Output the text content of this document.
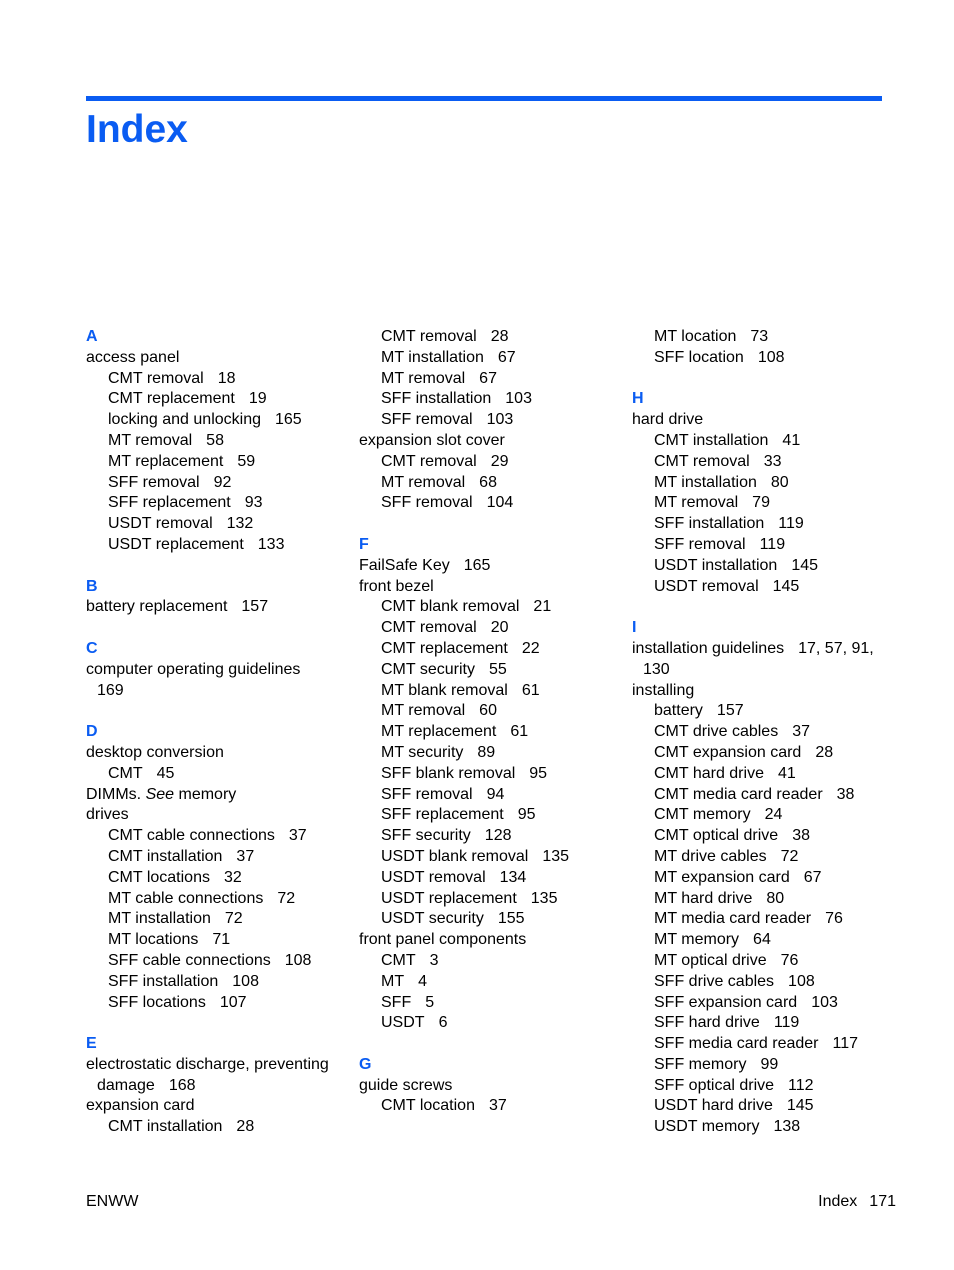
Index
A
access panel
CMT removal 18
CMT replacement 19
locking and unlocking 165
MT removal 58
MT replacement 59
SFF removal 92
SFF replacement 93
USDT removal 132
USDT replacement 133
B
battery replacement 157
C
computer operating guidelines
169
D
desktop conversion
CMT 45
DIMMs. See memory
drives
CMT cable connections 37
CMT installation 37
CMT locations 32
MT cable connections 72
MT installation 72
MT locations 71
SFF cable connections 108
SFF installation 108
SFF locations 107
E
electrostatic discharge, preventing
damage 168
expansion card
CMT installation 28
CMT removal 28
MT installation 67
MT removal 67
SFF installation 103
SFF removal 103
expansion slot cover
CMT removal 29
MT removal 68
SFF removal 104
F
FailSafe Key 165
front bezel
CMT blank removal 21
CMT removal 20
CMT replacement 22
CMT security 55
MT blank removal 61
MT removal 60
MT replacement 61
MT security 89
SFF blank removal 95
SFF removal 94
SFF replacement 95
SFF security 128
USDT blank removal 135
USDT removal 134
USDT replacement 135
USDT security 155
front panel components
CMT 3
MT 4
SFF 5
USDT 6
G
guide screws
CMT location 37
MT location 73
SFF location 108
H
hard drive
CMT installation 41
CMT removal 33
MT installation 80
MT removal 79
SFF installation 119
SFF removal 119
USDT installation 145
USDT removal 145
I
installation guidelines 17, 57, 91,
130
installing
battery 157
CMT drive cables 37
CMT expansion card 28
CMT hard drive 41
CMT media card reader 38
CMT memory 24
CMT optical drive 38
MT drive cables 72
MT expansion card 67
MT hard drive 80
MT media card reader 76
MT memory 64
MT optical drive 76
SFF drive cables 108
SFF expansion card 103
SFF hard drive 119
SFF media card reader 117
SFF memory 99
SFF optical drive 112
USDT hard drive 145
USDT memory 138
ENWW	Index 171
